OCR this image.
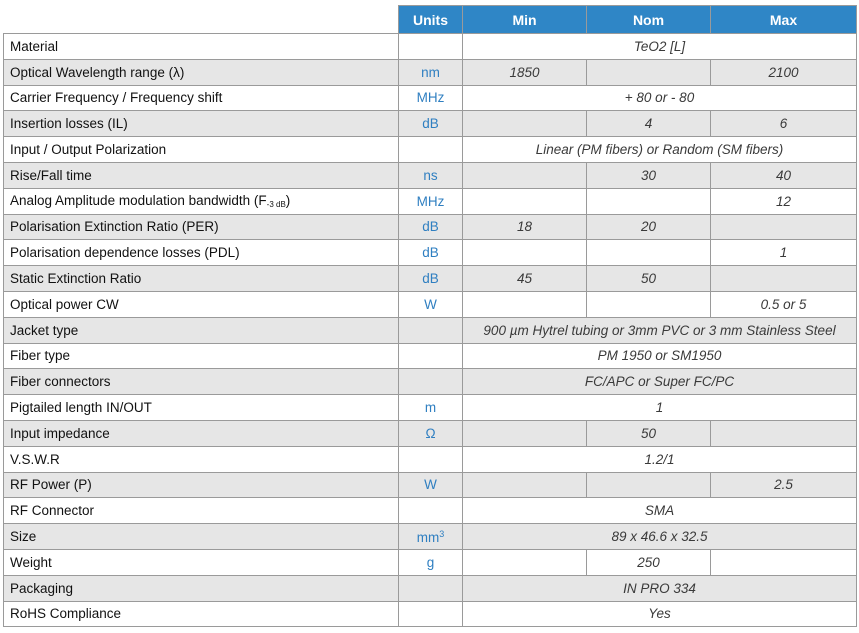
	Units	Min	Nom	Max
Material		TeO2 [L]		
Optical Wavelength range (λ)	nm	1850		2100
Carrier Frequency / Frequency shift	MHz	+ 80 or - 80		
Insertion losses (IL)	dB		4	6
Input / Output Polarization		Linear (PM fibers) or Random (SM fibers)		
Rise/Fall time	ns		30	40
Analog Amplitude modulation bandwidth $(F_{-3 dB})$	MHz			12
Polarisation Extinction Ratio (PER)	dB	18	20	
Polarisation dependence losses (PDL)	dB			1
Static Extinction Ratio	dB	45	50	
Optical power CW	W			0.5 or 5
Jacket type		900 µm Hytrel tubing or 3mm PVC or 3 mm Stainless Steel		
Fiber type		PM 1950 or SM1950		
Fiber connectors		FC/APC or Super FC/PC		
Pigtailed length IN/OUT	m	1		
Input impedance	Ω		50	
V.S.W.R		1.2/1		
RF Power (P)	W			2.5
RF Connector		SMA		
Size	$mm^3$	89 x 46.6 x 32.5		
Weight	g		250	
Packaging		IN PRO 334		
RoHS Compliance		Yes		
